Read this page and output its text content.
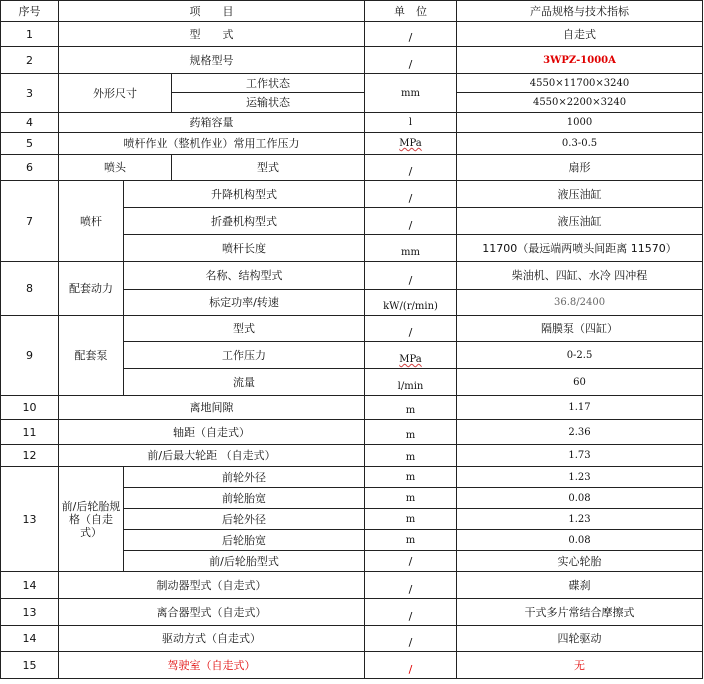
序号	项　　目			单　位	产品规格与技术指标
1	型　　式			/	自走式
2	规格型号			/	3WPZ-1000A
3	外形尺寸		工作状态	mm	4550×11700×3240
			运输状态		4550×2200×3240
4	药箱容量			l	1000
5	喷杆作业（整机作业）常用工作压力			MPa	0.3-0.5
6	喷头		型式	/	扇形
7	喷杆	升降机构型式		/	液压油缸
		折叠机构型式		/	液压油缸
		喷杆长度		mm	11700（最远端两喷头间距离 11570）
8	配套动力	名称、结构型式		/	柴油机、四缸、水冷 四冲程
		标定功率/转速		kW/(r/min)	36.8/2400
9	配套泵	型式		/	隔膜泵（四缸）
		工作压力		MPa	0-2.5
		流量		l/min	60
10	离地间隙			m	1.17
11	轴距（自走式）			m	2.36
12	前/后最大轮距 （自走式）			m	1.73
13	前/后轮胎规格（自走式）	前轮外径		m	1.23
		前轮胎宽		m	0.08
		后轮外径		m	1.23
		后轮胎宽		m	0.08
		前/后轮胎型式		/	实心轮胎
14	制动器型式（自走式）			/	碟刹
13	离合器型式（自走式）			/	干式多片常结合摩擦式
14	驱动方式（自走式）			/	四轮驱动
15	驾驶室（自走式）			/	无
